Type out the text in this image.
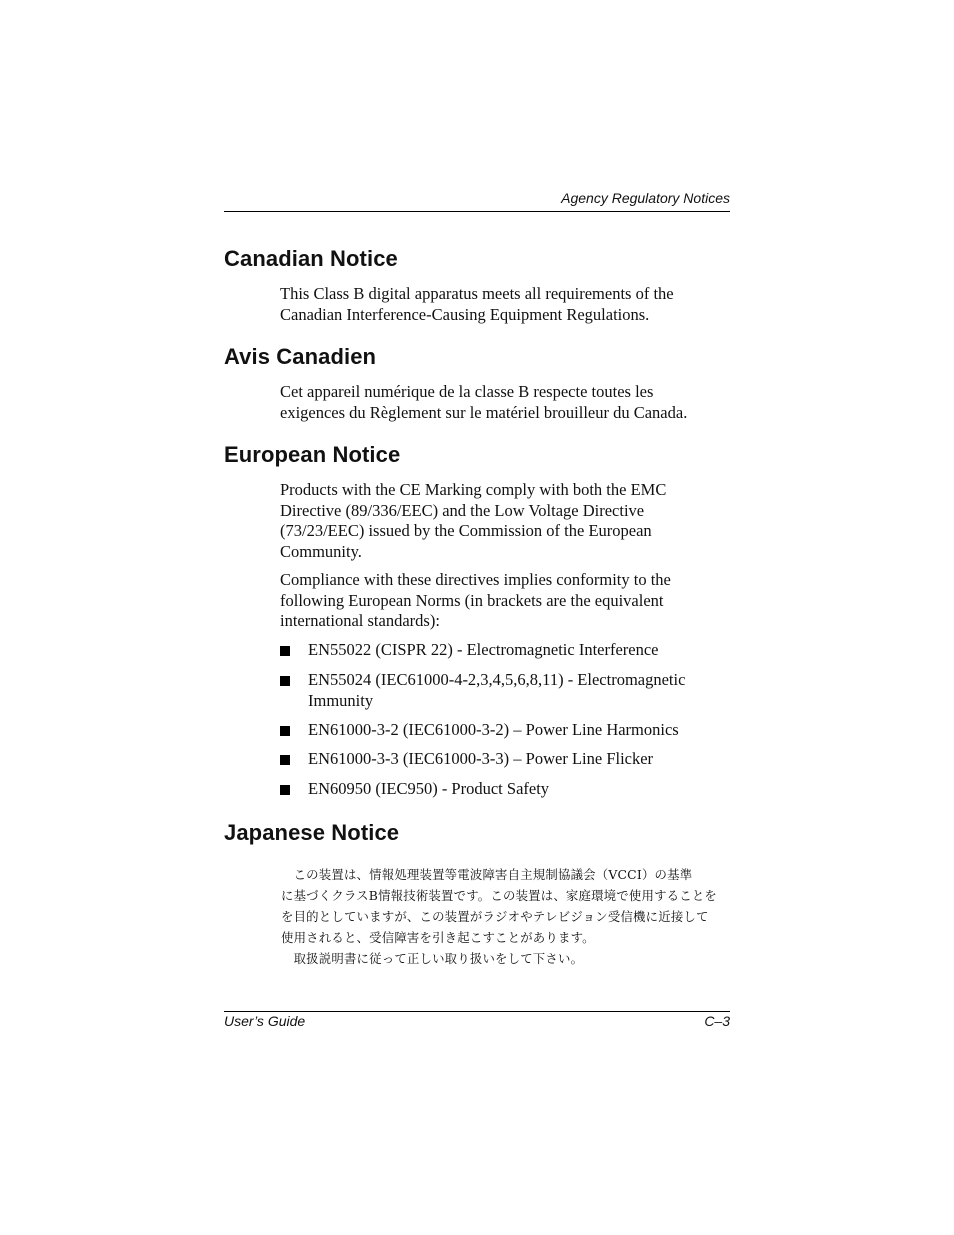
Agency Regulatory Notices
Canadian Notice

This Class B digital apparatus meets all requirements of the Canadian Interference-Causing Equipment Regulations.

Avis Canadien

Cet appareil numérique de la classe B respecte toutes les exigences du Règlement sur le matériel brouilleur du Canada.

European Notice

Products with the CE Marking comply with both the EMC Directive (89/336/EEC) and the Low Voltage Directive (73/23/EEC) issued by the Commission of the European Community.

Compliance with these directives implies conformity to the following European Norms (in brackets are the equivalent international standards):

EN55022 (CISPR 22) - Electromagnetic Interference
EN55024 (IEC61000-4-2,3,4,5,6,8,11) - Electromagnetic Immunity
EN61000-3-2 (IEC61000-3-2) – Power Line Harmonics
EN61000-3-3 (IEC61000-3-3) – Power Line Flicker
EN60950 (IEC950) - Product Safety
Japanese Notice
　この装置は、情報処理装置等電波障害自主規制協議会（VCCI）の基準
に基づくクラスB情報技術装置です。この装置は、家庭環境で使用することを
を目的としていますが、この装置がラジオやテレビジョン受信機に近接して
使用されると、受信障害を引き起こすことがあります。
　取扱説明書に従って正しい取り扱いをして下さい。
User’s Guide	C–3
